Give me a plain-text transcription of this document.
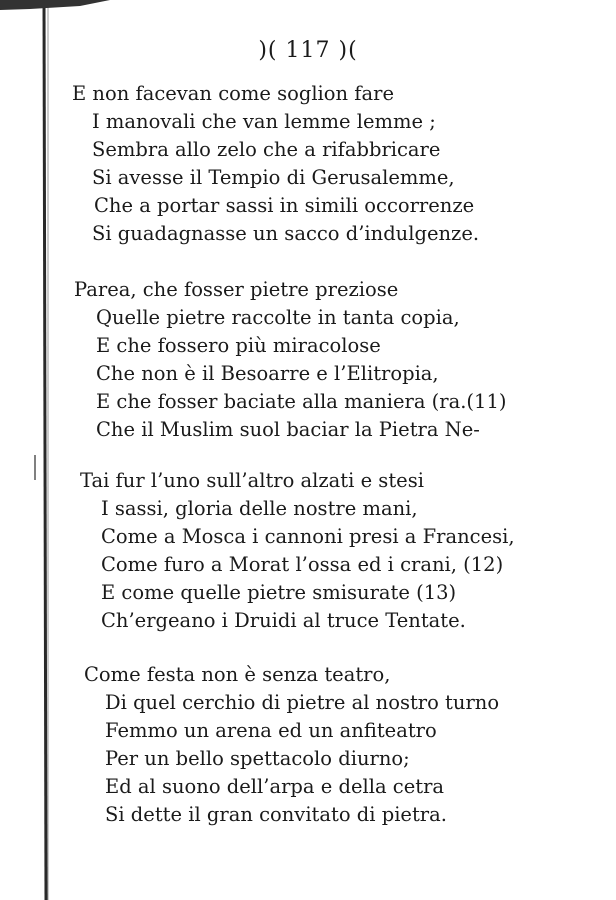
)( 117 )(
E non facevan come soglion fare
I manovali che van lemme lemme ;
Sembra allo zelo che a rifabbricare
Si avesse il Tempio di Gerusalemme,
Che a portar sassi in simili occorrenze
Si guadagnasse un sacco d’indulgenze.
Parea, che fosser pietre preziose
Quelle pietre raccolte in tanta copia,
E che fossero più miracolose
Che non è il Besoarre e l’Elitropia,
E che fosser baciate alla maniera (ra.(11)
Che il Muslim suol baciar la Pietra Ne-
Tai fur l’uno sull’altro alzati e stesi
I sassi, gloria delle nostre mani,
Come a Mosca i cannoni presi a Francesi,
Come furo a Morat l’ossa ed i crani, (12)
E come quelle pietre smisurate (13)
Ch’ergeano i Druidi al truce Tentate.
Come festa non è senza teatro,
Di quel cerchio di pietre al nostro turno
Femmo un arena ed un anfiteatro
Per un bello spettacolo diurno;
Ed al suono dell’arpa e della cetra
Si dette il gran convitato di pietra.
